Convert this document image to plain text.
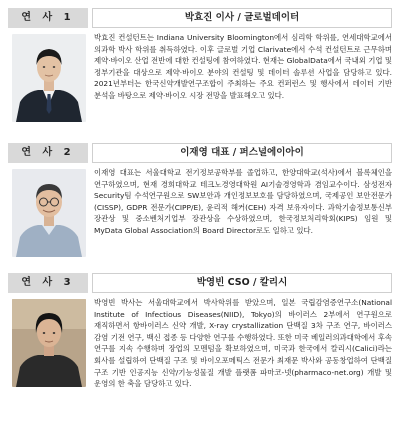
연 사 1	박효진 이사 / 글로벌데이터
박효진 컨설턴트는 Indiana University Bloomington에서 심리학 학위를, 연세대학교에서 의과학 박사 학위를 취득하였다. 이후 글로벌 기업 Clarivate에서 수석 컨설턴트로 근무하며 제약·바이오 산업 전반에 대한 컨설팅에 참여하였다. 현재는 GlobalData에서 국내외 기업 및 정부기관을 대상으로 제약·바이오 분야의 컨설팅 및 데이터 솔루션 사업을 담당하고 있다. 2021년부터는 한국신약개발연구조합이 주최하는 주요 컨퍼런스 및 행사에서 데이터 기반 분석을 바탕으로 제약·바이오 시장 전망을 발표해오고 있다.
연 사 2	이재영 대표 / 퍼스널에이아이
이재영 대표는 서울대학교 전기정보공학부를 졸업하고, 한양대학교(석사)에서 블록체인을 연구하였으며, 현재 경희대학교 테크노경영대학원 AI기술경영학과 겸임교수이다. 삼성전자 Security팀 수석연구원으로 SW보안과 개인정보보호를 담당하였으며, 국제공인 보안전문가(CISSP), GDPR 전문가(CIPP/E), 윤리적 해커(CEH) 자격 보유자이다. 과학기술정보통신부 장관상 및 중소벤처기업부 장관상을 수상하였으며, 한국정보처리학회(KIPS) 임원 및 MyData Global Association의 Board Director로도 일하고 있다.
연 사 3	박영빈 CSO / 칼리시
박영빈 박사는 서울대학교에서 박사학위를 받았으며, 일본 국립감염증연구소(National Institute of Infectious Diseases(NIID), Tokyo)의 바이러스 2부에서 연구원으로 재직하면서 항바이러스 신약 개발, X-ray crystallization 단백질 3차 구조 연구, 바이러스 감염 기전 연구, 백신 접종 등 다양한 연구를 수행하였다. 또한 미국 베일러의과대학에서 후속 연구를 지속 수행하며 장업의 모멘텀을 확보하였으며, 미국과 한국에서 칼리시(Calici)라는 회사를 설립하여 단백질 구조 및 바이오포메틱스 전문가 최재문 박사와 공동창업하여 단백질 구조 기반 인공지능 신약/기능성물질 개발 플랫폼 파마코-넷(pharmaco-net.org) 개발 및 운영의 한 축을 담당하고 있다.
